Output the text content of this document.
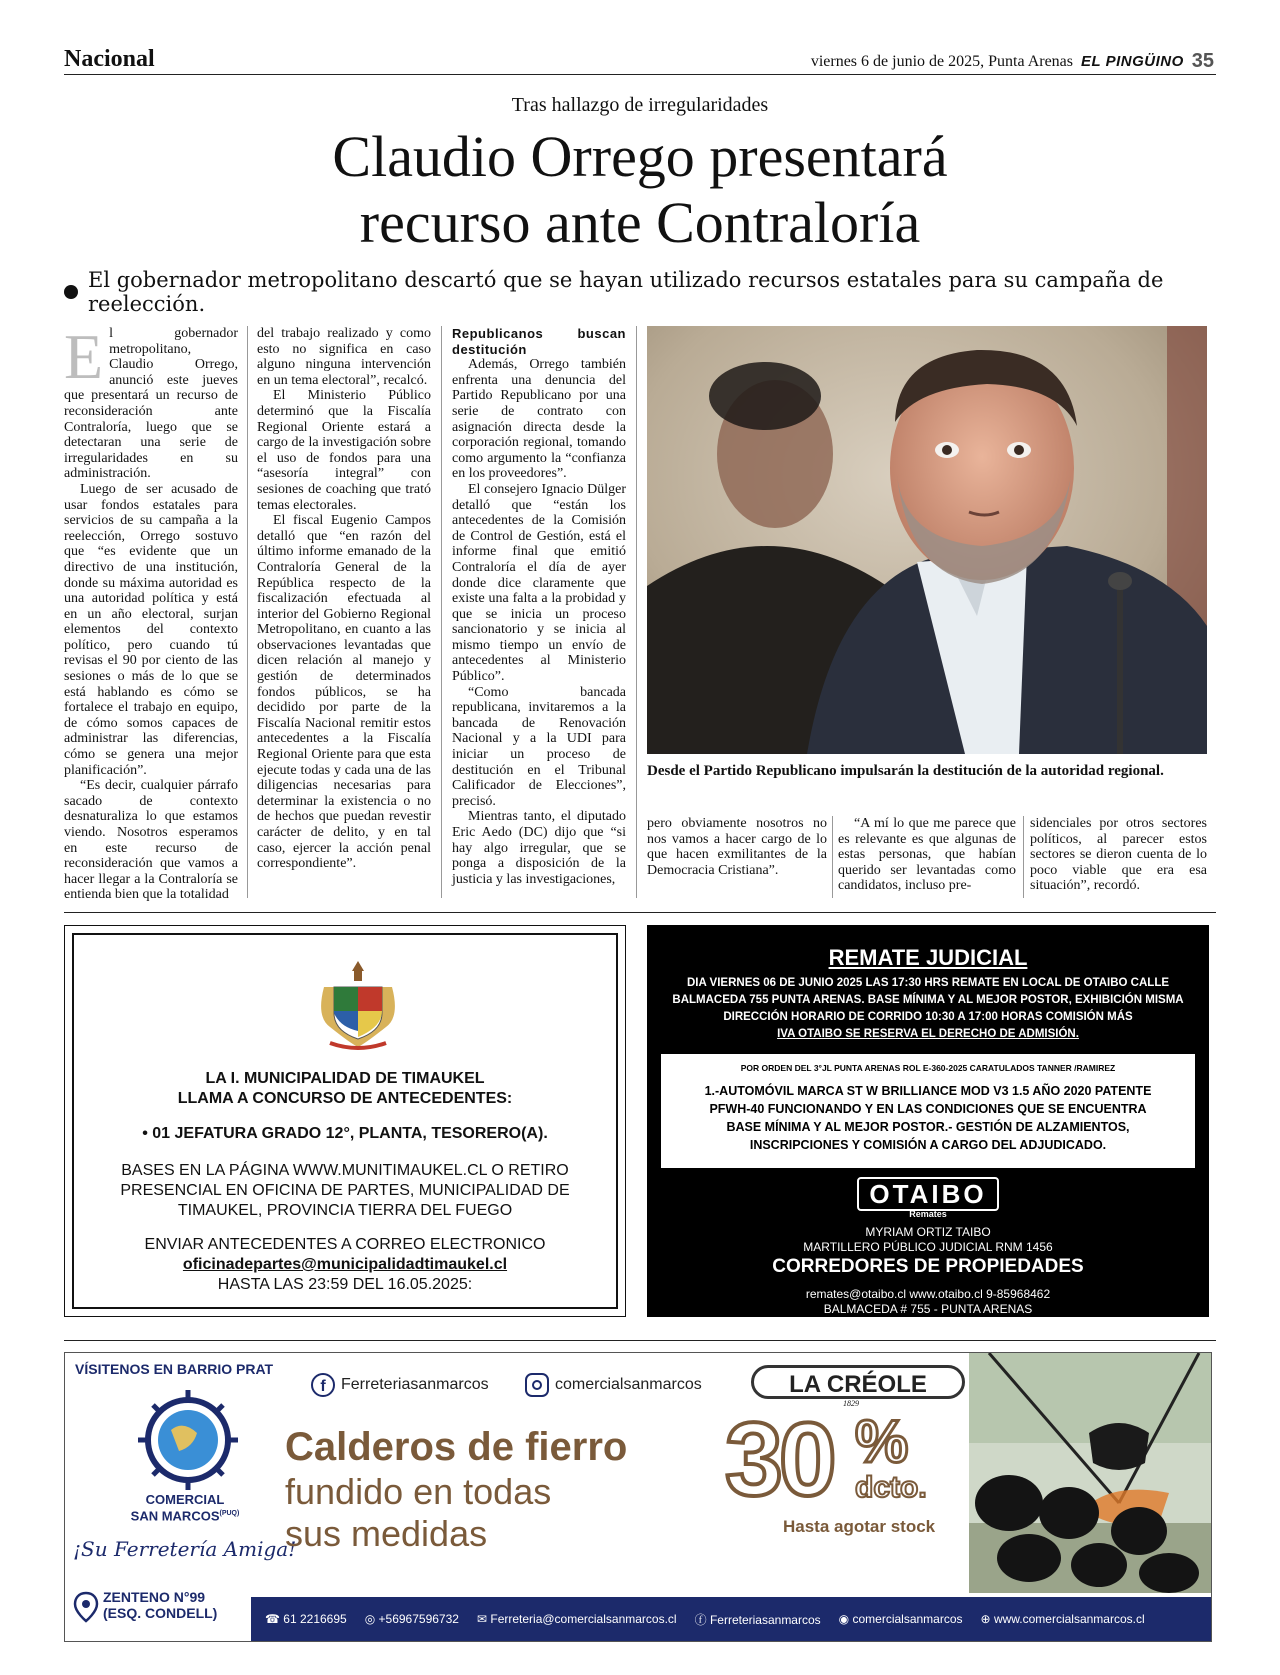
Nacional	viernes 6 de junio de 2025, Punta Arenas EL PINGÜINO 35
Tras hallazgo de irregularidades
Claudio Orrego presentará
recurso ante Contraloría
El gobernador metropolitano descartó que se hayan utilizado recursos estatales para su campaña de reelección.
E l gobernador metropolitano, Claudio Orrego, anunció este jueves que presentará un recurso de reconsideración ante Contraloría, luego que se detectaran una serie de irregularidades en su administración.

Luego de ser acusado de usar fondos estatales para servicios de su campaña a la reelección, Orrego sostuvo que “es evidente que un directivo de una institución, donde su máxima autoridad es una autoridad política y está en un año electoral, surjan elementos del contexto político, pero cuando tú revisas el 90 por ciento de las sesiones o más de lo que se está hablando es cómo se fortalece el trabajo en equipo, de cómo somos capaces de administrar las diferencias, cómo se genera una mejor planificación”.

“Es decir, cualquier párrafo sacado de contexto desnaturaliza lo que estamos viendo. Nosotros esperamos en este recurso de reconsideración que vamos a hacer llegar a la Contraloría se entienda bien que la totalidad

del trabajo realizado y como esto no significa en caso alguno ninguna intervención en un tema electoral”, recalcó.

El Ministerio Público determinó que la Fiscalía Regional Oriente estará a cargo de la investigación sobre el uso de fondos para una “asesoría integral” con sesiones de coaching que trató temas electorales.

El fiscal Eugenio Campos detalló que “en razón del último informe emanado de la Contraloría General de la República respecto de la fiscalización efectuada al interior del Gobierno Regional Metropolitano, en cuanto a las observaciones levantadas que dicen relación al manejo y gestión de determinados fondos públicos, se ha decidido por parte de la Fiscalía Nacional remitir estos antecedentes a la Fiscalía Regional Oriente para que esta ejecute todas y cada una de las diligencias necesarias para determinar la existencia o no de hechos que puedan revestir carácter de delito, y en tal caso, ejercer la acción penal correspondiente”.

Republicanos buscan destitución

Además, Orrego también enfrenta una denuncia del Partido Republicano por una serie de contrato con asignación directa desde la corporación regional, tomando como argumento la “confianza en los proveedores”.

El consejero Ignacio Dülger detalló que “están los antecedentes de la Comisión de Control de Gestión, está el informe final que emitió Contraloría el día de ayer donde dice claramente que existe una falta a la probidad y que se inicia un proceso sancionatorio y se inicia al mismo tiempo un envío de antecedentes al Ministerio Público”.

“Como bancada republicana, invitaremos a la bancada de Renovación Nacional y a la UDI para iniciar un proceso de destitución en el Tribunal Calificador de Elecciones”, precisó.

Mientras tanto, el diputado Eric Aedo (DC) dijo que “si hay algo irregular, que se ponga a disposición de la justicia y las investigaciones,

Desde el Partido Republicano impulsarán la destitución de la autoridad regional.

pero obviamente nosotros no nos vamos a hacer cargo de lo que hacen exmilitantes de la Democracia Cristiana”.

“A mí lo que me parece que es relevante es que algunas de estas personas, que habían querido ser levantadas como candidatos, incluso pre-

sidenciales por otros sectores políticos, al parecer estos sectores se dieron cuenta de lo poco viable que era esa situación”, recordó.

LA I. MUNICIPALIDAD DE TIMAUKEL
LLAMA A CONCURSO DE ANTECEDENTES:
• 01 JEFATURA GRADO 12°, PLANTA, TESORERO(A).
BASES EN LA PÁGINA WWW.MUNITIMAUKEL.CL O RETIRO
PRESENCIAL EN OFICINA DE PARTES, MUNICIPALIDAD DE
TIMAUKEL, PROVINCIA TIERRA DEL FUEGO
ENVIAR ANTECEDENTES A CORREO ELECTRONICO
oficinadepartes@municipalidadtimaukel.cl
HASTA LAS 23:59 DEL 16.05.2025:
REMATE JUDICIAL
DIA VIERNES 06 DE JUNIO 2025 LAS 17:30 HRS REMATE EN LOCAL DE OTAIBO CALLE
BALMACEDA 755 PUNTA ARENAS. BASE MÍNIMA Y AL MEJOR POSTOR, EXHIBICIÓN MISMA
DIRECCIÓN HORARIO DE CORRIDO 10:30 A 17:00 HORAS COMISIÓN MÁS
IVA OTAIBO SE RESERVA EL DERECHO DE ADMISIÓN.
POR ORDEN DEL 3°JL PUNTA ARENAS ROL E-360-2025 CARATULADOS TANNER /RAMIREZ
1.-AUTOMÓVIL MARCA ST W BRILLIANCE MOD V3 1.5 AÑO 2020 PATENTE
PFWH-40 FUNCIONANDO Y EN LAS CONDICIONES QUE SE ENCUENTRA
BASE MÍNIMA Y AL MEJOR POSTOR.- GESTIÓN DE ALZAMIENTOS,
INSCRIPCIONES Y COMISIÓN A CARGO DEL ADJUDICADO.
OTAIBO
Remates
MYRIAM ORTIZ TAIBO
MARTILLERO PÚBLICO JUDICIAL RNM 1456
CORREDORES DE PROPIEDADES
remates@otaibo.cl www.otaibo.cl 9-85968462
BALMACEDA # 755 - PUNTA ARENAS
VÍSITENOS EN BARRIO PRAT
COMERCIAL
SAN $MARCOS^{(PUQ)}$
¡Su Ferretería Amiga!
ZENTENO N°99
(ESQ. CONDELL)
f Ferreteriasanmarcos	comercialsanmarcos	LA CRÉOLE
1829
Calderos de fierro
fundido en todas
sus medidas
30 %
dcto.
Hasta agotar stock
☎ 61 2216695 ◎ +56967596732 ✉ Ferreteria@comercialsanmarcos.cl ⓕ Ferreteriasanmarcos ◉ comercialsanmarcos ⊕ www.comercialsanmarcos.cl
